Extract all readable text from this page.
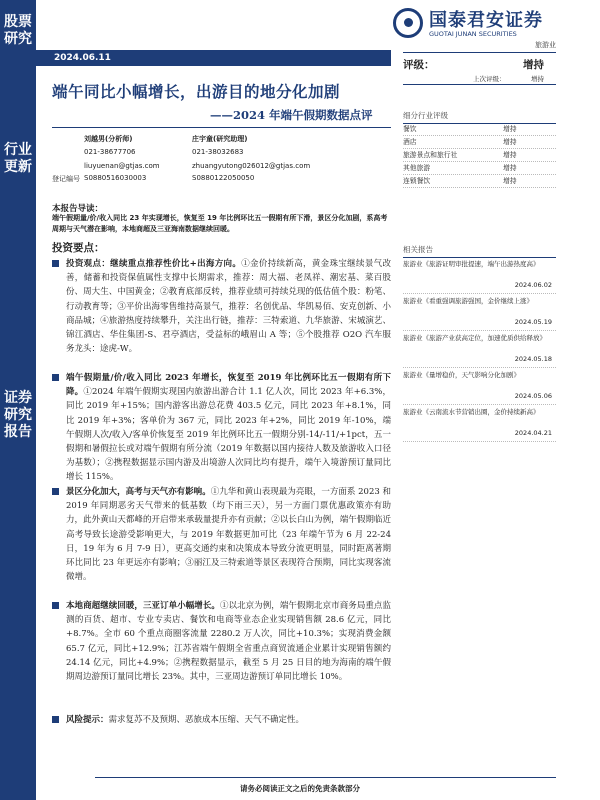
股票研究
行业更新
证券研究报告
国泰君安证券
GUOTAI JUNAN SECURITIES
旅游业
2024.06.11
端午同比小幅增长，出游目的地分化加剧
——2024 年端午假期数据点评
刘越男(分析师)	庄宇童(研究助理)
021-38677706	021-38032683
liuyuenan@gtjas.com	zhuangyutong026012@gtjas.com
登记编号 S0880516030003	S0880122050050
评级：	增持
上次评级：	增持
细分行业评级
餐饮	增持
酒店	增持
旅游景点和旅行社	增持
其他旅游	增持
连锁餐饮	增持
相关报告
旅游业《旅游证明审批提速，端午出游热度高》
2024.06.02
旅游业《看重强调旅游强国，金价继续上涨》
2024.05.19
旅游业《旅游产业获高定位，加速优质供给释放》
2024.05.18
旅游业《量增稳价，天气影响分化加剧》
2024.05.06
旅游业《云南流水节营销出圈，金价持续新高》
2024.04.21
本报告导读：
端午假期量/价/收入同比 23 年实现增长，恢复至 19 年比例环比五一假期有所下滑，景区分化加剧，系高考周期与天气潜在影响，本地商超及三亚海南数据继续回暖。
投资要点：
投资观点：继续重点推荐性价比+出海方向。①金价持续新高，黄金珠宝继续景气改善，储蓄和投资保值属性支撑中长期需求，推荐：周大福、老凤祥、潮宏基、菜百股份、周大生、中国黄金；②教育底部反转，推荐业绩可持续兑现的低估值个股：粉笔、行动教育等；③平价出海零售维持高景气，推荐：名创优品、华凯易佰、安克创新、小商品城；④旅游热度持续攀升，关注出行链，推荐：三特索道、九华旅游、宋城演艺、锦江酒店、华住集团-S、君亭酒店，受益标的峨眉山 A 等；⑤个股推荐 O2O 汽车服务龙头：途虎-W。
端午假期量/价/收入同比 2023 年增长，恢复至 2019 年比例环比五一假期有所下降。①2024 年端午假期实现国内旅游出游合计 1.1 亿人次，同比 2023 年+6.3%，同比 2019 年+15%；国内游客出游总花费 403.5 亿元，同比 2023 年+8.1%，同比 2019 年+3%；客单价为 367 元，同比 2023 年+2%，同比 2019 年-10%，端午假期人次/收入/客单价恢复至 2019 年比例环比五一假期分别-14/-11/+1pct，五一假期和暑假拉长或对端午假期有所分流（2019 年数据以国内接待人数及旅游收入口径为基数）；②携程数据显示国内游及出境游人次同比均有提升，端午入境游预订量同比增长 115%。
景区分化加大，高考与天气亦有影响。①九华和黄山表现最为亮眼，一方面系 2023 和 2019 年同期恶劣天气带来的低基数（均下雨三天），另一方面门票优惠政策亦有助力，此外黄山天都峰的开启带来承载量提升亦有贡献；②以长白山为例，端午假期临近高考导致长途游受影响更大，与 2019 年数据更加可比（23 年端午节为 6 月 22-24 日，19 年为 6 月 7-9 日），更高交通约束和决策成本导致分流更明显，同时距离著期环比同比 23 年更远亦有影响；③丽江及三特索道等景区表现符合预期，同比实现客流微增。
本地商超继续回暖，三亚订单小幅增长。①以北京为例，端午假期北京市商务局重点监测的百货、超市、专业专卖店、餐饮和电商等业态企业实现销售额 28.6 亿元，同比+8.7%。全市 60 个重点商圈客流量 2280.2 万人次，同比+10.3%；实现消费金额 65.7 亿元，同比+12.9%；江苏省端午假期全省重点商贸流通企业累计实现销售额约 24.14 亿元，同比+4.9%；②携程数据显示，截至 5 月 25 日目的地为海南的端午假期周边游预订量同比增长 23%。其中，三亚周边游预订单同比增长 10%。
风险提示：需求复苏不及预期、恶旅成本压缩、天气不确定性。
请务必阅读正文之后的免责条款部分
